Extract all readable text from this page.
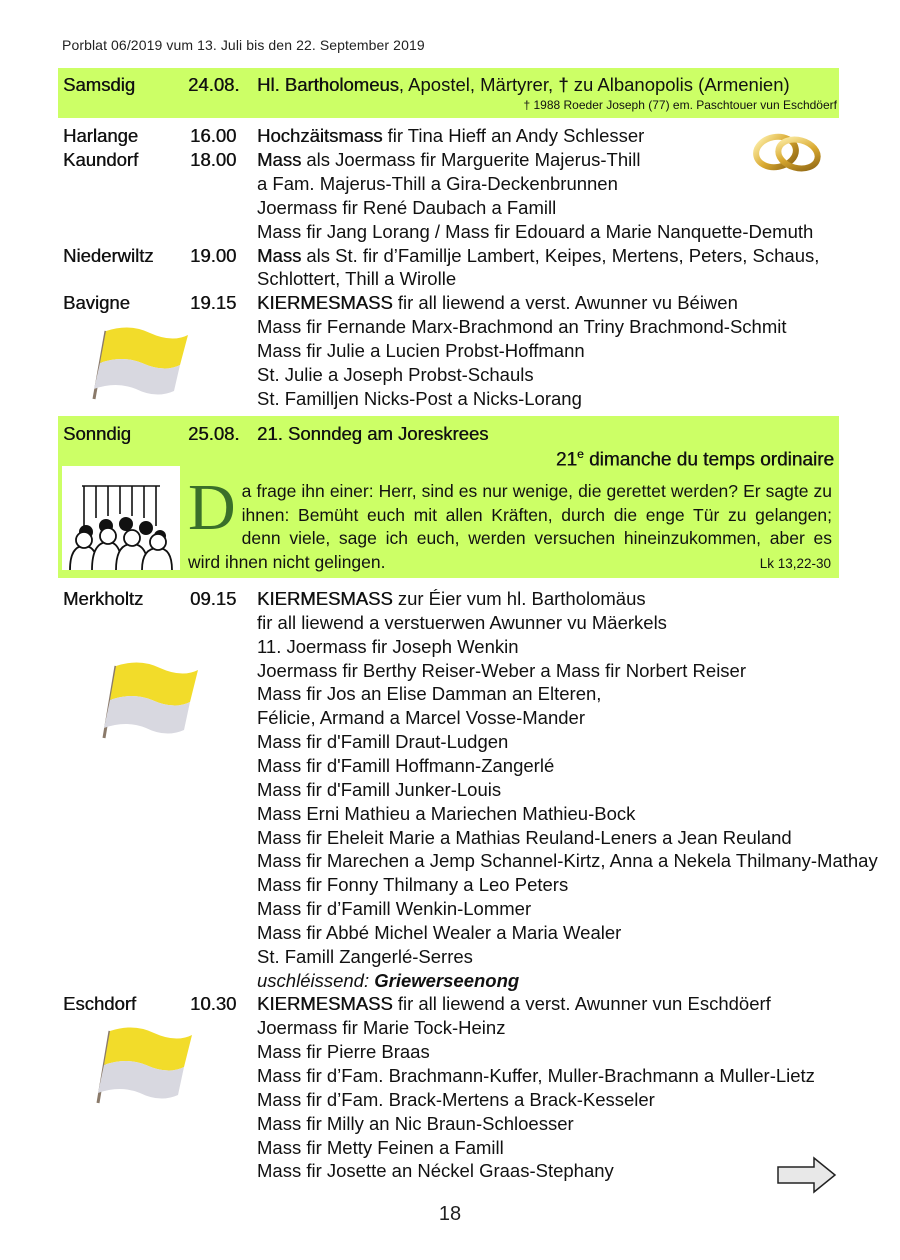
Porblat 06/2019 vum 13. Juli bis den 22. September 2019
Samsdig	24.08. Hl. Bartholomeus, Apostel, Märtyrer, † zu Albanopolis (Armenien)
† 1988 Roeder Joseph (77) em. Paschtouer vun Eschdöerf
Harlange	16.00 Hochzäitsmass fir Tina Hieff an Andy Schlesser
Kaundorf	18.00 Mass als Joermass fir Marguerite Majerus-Thill
a Fam. Majerus-Thill a Gira-Deckenbrunnen
Joermass fir René Daubach a Famill
Mass fir Jang Lorang / Mass fir Edouard a Marie Nanquette-Demuth
Niederwiltz 19.00 Mass als St. fir d’Famillje Lambert, Keipes, Mertens, Peters, Schaus,
Schlottert, Thill a Wirolle
Bavigne	19.15 KIERMESMASS fir all liewend a verst. Awunner vu Béiwen
Mass fir Fernande Marx-Brachmond an Triny Brachmond-Schmit
Mass fir Julie a Lucien Probst-Hoffmann
St. Julie a Joseph Probst-Schauls
St. Familljen Nicks-Post a Nicks-Lorang
Sonndig	25.08. 21. Sonndeg am Joreskrees
21e dimanche du temps ordinaire
Da frage ihn einer: Herr, sind es nur wenige, die gerettet werden? Er sagte zu ihnen: Bemüht euch mit allen Kräften, durch die enge Tür zu gelangen; denn viele, sage ich euch, werden versuchen hineinzukommen, aber es wird ihnen nicht gelingen.	Lk 13,22-30
Merkholtz	09.15 KIERMESMASS zur Éier vum hl. Bartholomäus
fir all liewend a verstuerwen Awunner vu Mäerkels
11. Joermass fir Joseph Wenkin
Joermass fir Berthy Reiser-Weber a Mass fir Norbert Reiser
Mass fir Jos an Elise Damman an Elteren,
Félicie, Armand a Marcel Vosse-Mander
Mass fir d'Famill Draut-Ludgen
Mass fir d'Famill Hoffmann-Zangerlé
Mass fir d'Famill Junker-Louis
Mass Erni Mathieu a Mariechen Mathieu-Bock
Mass fir Eheleit Marie a Mathias Reuland-Leners a Jean Reuland
Mass fir Marechen a Jemp Schannel-Kirtz, Anna a Nekela Thilmany-Mathay
Mass fir Fonny Thilmany a Leo Peters
Mass fir d’Famill Wenkin-Lommer
Mass fir Abbé Michel Wealer a Maria Wealer
St. Famill Zangerlé-Serres
uschléissend: Griewerseenong
Eschdorf	10.30 KIERMESMASS fir all liewend a verst. Awunner vun Eschdöerf
Joermass fir Marie Tock-Heinz
Mass fir Pierre Braas
Mass fir d’Fam. Brachmann-Kuffer, Muller-Brachmann a Muller-Lietz
Mass fir d’Fam. Brack-Mertens a Brack-Kesseler
Mass fir Milly an Nic Braun-Schloesser
Mass fir Metty Feinen a Famill
Mass fir Josette an Néckel Graas-Stephany
18
